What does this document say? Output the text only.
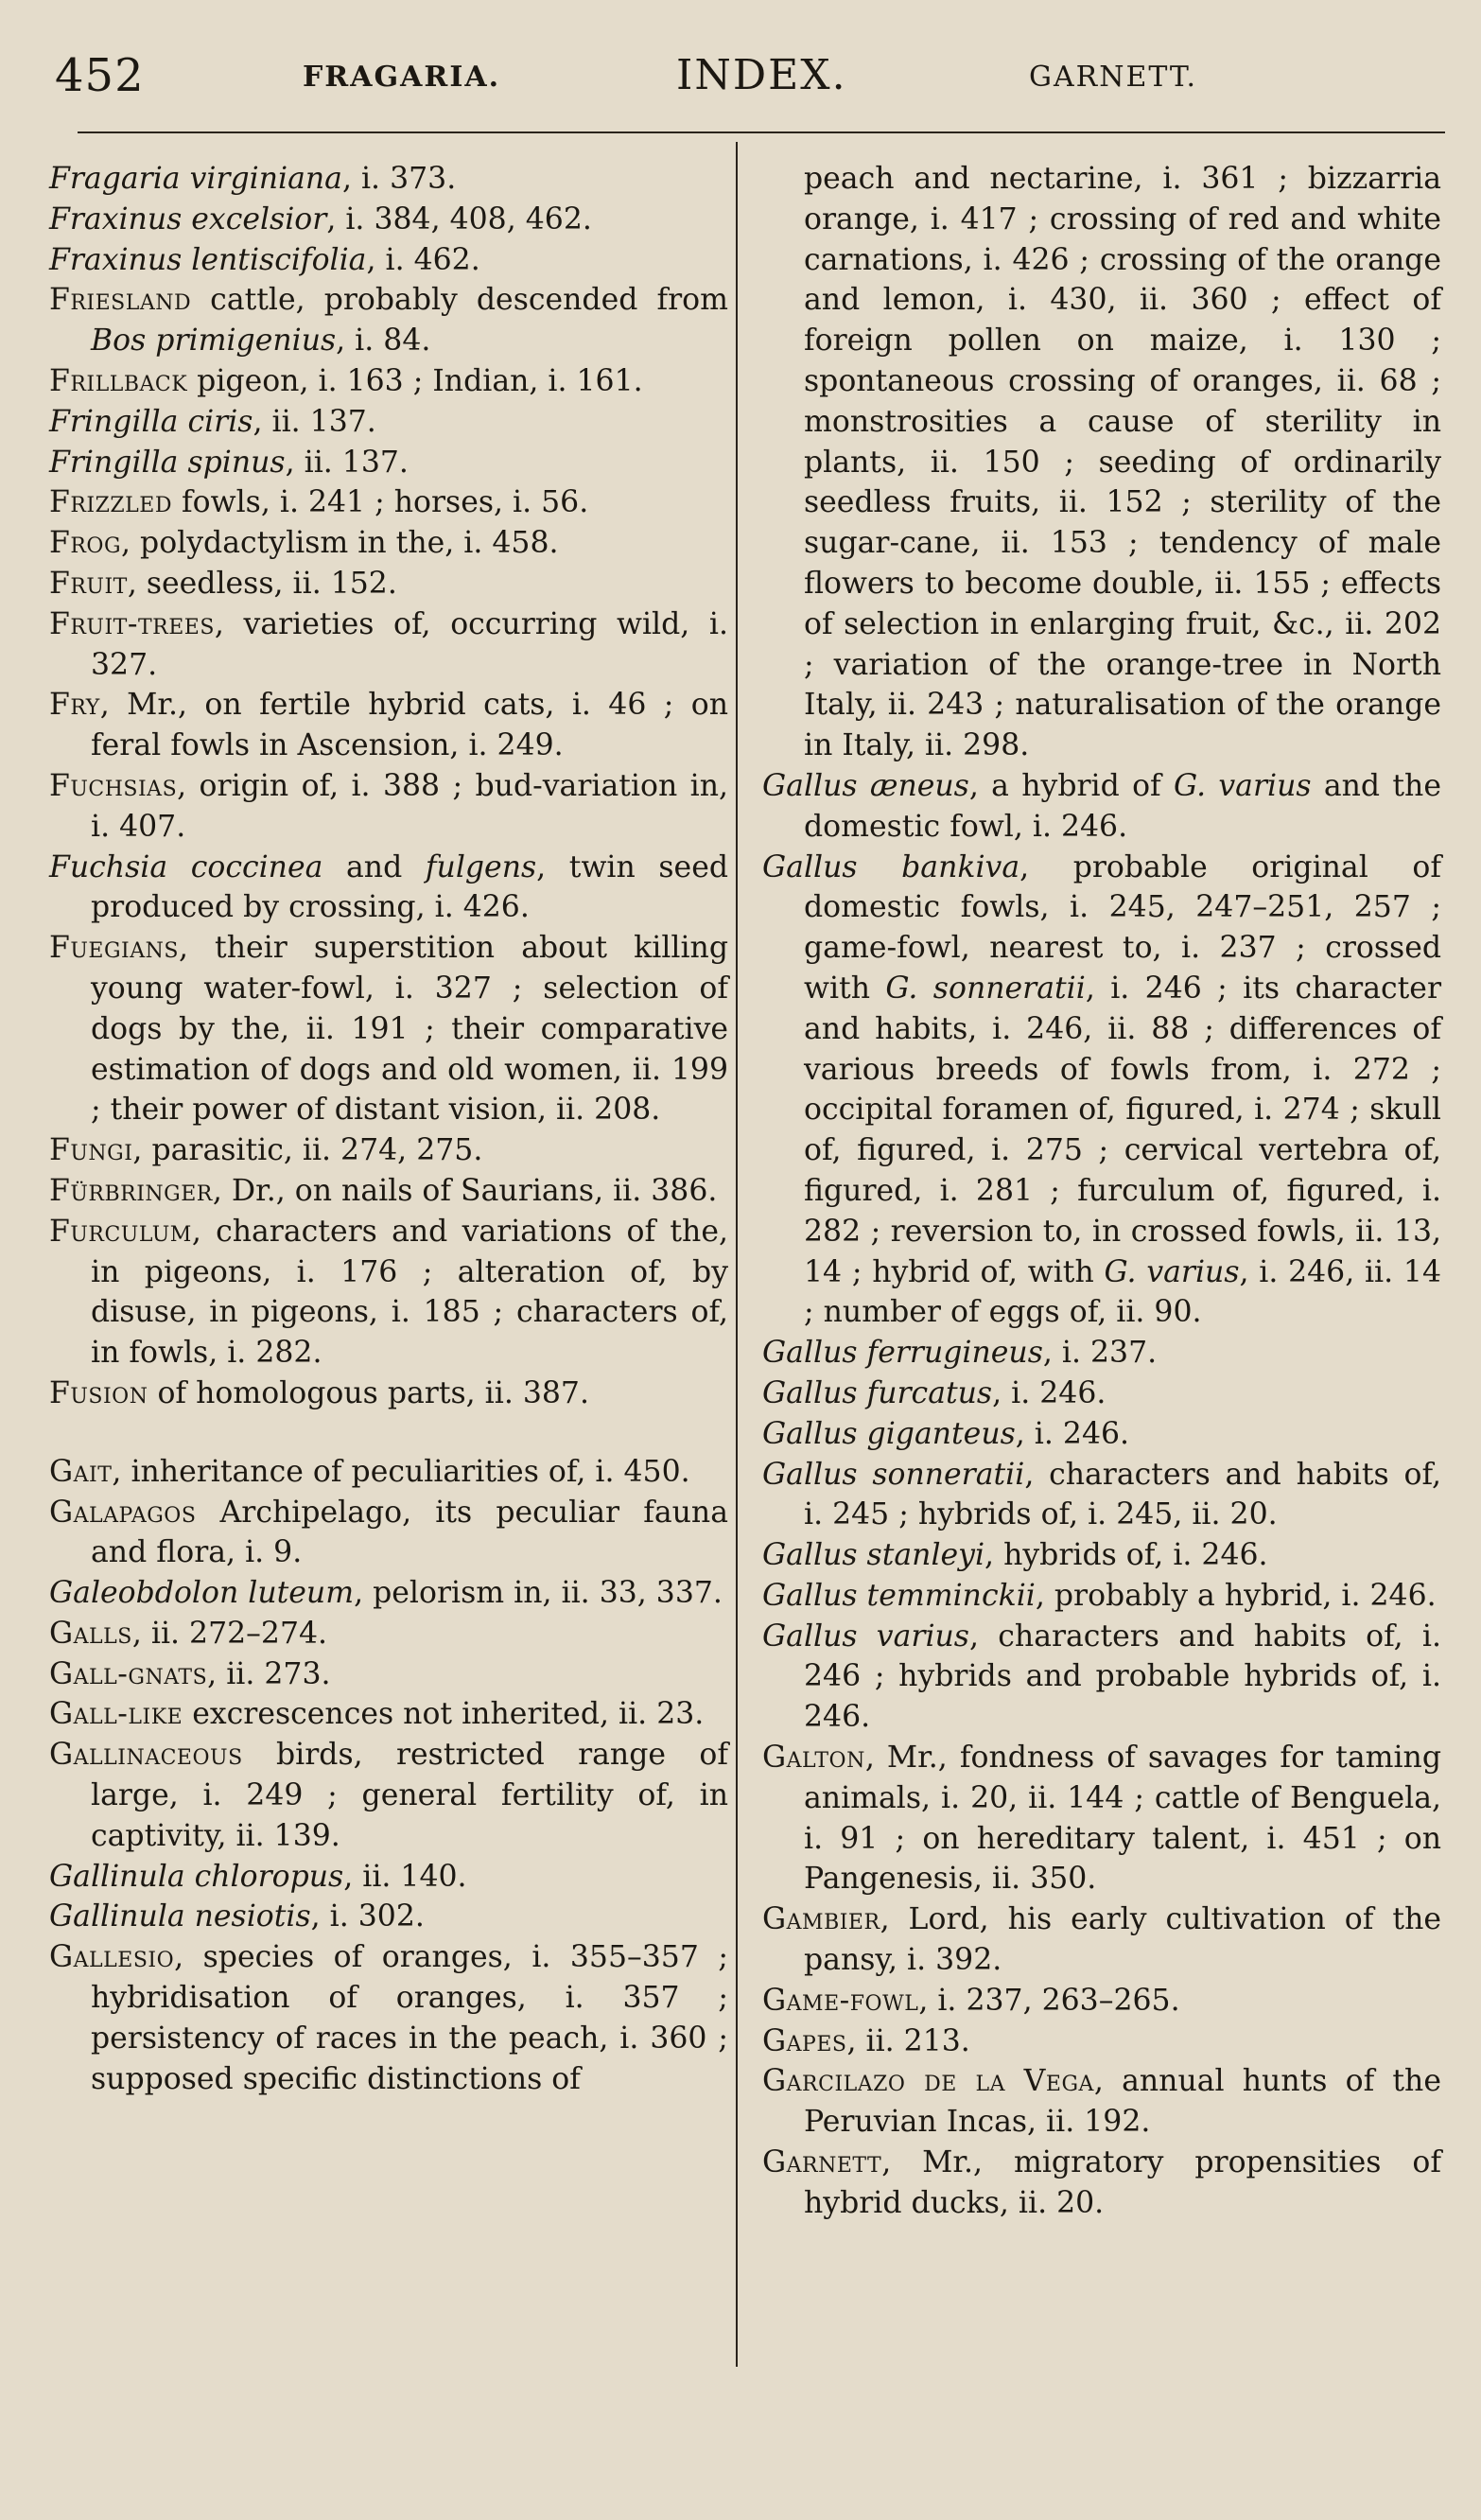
452	FRAGARIA.	INDEX.	GARNETT.
Fragaria virginiana, i. 373.
Fraxinus excelsior, i. 384, 408, 462.
Fraxinus lentiscifolia, i. 462.
Friesland cattle, probably descended from Bos primigenius, i. 84.
Frillback pigeon, i. 163 ; Indian, i. 161.
Fringilla ciris, ii. 137.
Fringilla spinus, ii. 137.
Frizzled fowls, i. 241 ; horses, i. 56.
Frog, polydactylism in the, i. 458.
Fruit, seedless, ii. 152.
Fruit-trees, varieties of, occurring wild, i. 327.
Fry, Mr., on fertile hybrid cats, i. 46 ; on feral fowls in Ascension, i. 249.
Fuchsias, origin of, i. 388 ; bud-variation in, i. 407.
Fuchsia coccinea and fulgens, twin seed produced by crossing, i. 426.
Fuegians, their superstition about killing young water-fowl, i. 327 ; selection of dogs by the, ii. 191 ; their comparative estimation of dogs and old women, ii. 199 ; their power of distant vision, ii. 208.
Fungi, parasitic, ii. 274, 275.
Fürbringer, Dr., on nails of Saurians, ii. 386.
Furculum, characters and variations of the, in pigeons, i. 176 ; alteration of, by disuse, in pigeons, i. 185 ; characters of, in fowls, i. 282.
Fusion of homologous parts, ii. 387.
Gait, inheritance of peculiarities of, i. 450.
Galapagos Archipelago, its peculiar fauna and flora, i. 9.
Galeobdolon luteum, pelorism in, ii. 33, 337.
Galls, ii. 272–274.
Gall-gnats, ii. 273.
Gall-like excrescences not inherited, ii. 23.
Gallinaceous birds, restricted range of large, i. 249 ; general fertility of, in captivity, ii. 139.
Gallinula chloropus, ii. 140.
Gallinula nesiotis, i. 302.
Gallesio, species of oranges, i. 355–357 ; hybridisation of oranges, i. 357 ; persistency of races in the peach, i. 360 ; supposed specific distinctions of
peach and nectarine, i. 361 ; bizzarria orange, i. 417 ; crossing of red and white carnations, i. 426 ; crossing of the orange and lemon, i. 430, ii. 360 ; effect of foreign pollen on maize, i. 130 ; spontaneous crossing of oranges, ii. 68 ; monstrosities a cause of sterility in plants, ii. 150 ; seeding of ordinarily seedless fruits, ii. 152 ; sterility of the sugar-cane, ii. 153 ; tendency of male flowers to become double, ii. 155 ; effects of selection in enlarging fruit, &c., ii. 202 ; variation of the orange-tree in North Italy, ii. 243 ; naturalisation of the orange in Italy, ii. 298.
Gallus æneus, a hybrid of G. varius and the domestic fowl, i. 246.
Gallus bankiva, probable original of domestic fowls, i. 245, 247–251, 257 ; game-fowl, nearest to, i. 237 ; crossed with G. sonneratii, i. 246 ; its character and habits, i. 246, ii. 88 ; differences of various breeds of fowls from, i. 272 ; occipital foramen of, figured, i. 274 ; skull of, figured, i. 275 ; cervical vertebra of, figured, i. 281 ; furculum of, figured, i. 282 ; reversion to, in crossed fowls, ii. 13, 14 ; hybrid of, with G. varius, i. 246, ii. 14 ; number of eggs of, ii. 90.
Gallus ferrugineus, i. 237.
Gallus furcatus, i. 246.
Gallus giganteus, i. 246.
Gallus sonneratii, characters and habits of, i. 245 ; hybrids of, i. 245, ii. 20.
Gallus stanleyi, hybrids of, i. 246.
Gallus temminckii, probably a hybrid, i. 246.
Gallus varius, characters and habits of, i. 246 ; hybrids and probable hybrids of, i. 246.
Galton, Mr., fondness of savages for taming animals, i. 20, ii. 144 ; cattle of Benguela, i. 91 ; on hereditary talent, i. 451 ; on Pangenesis, ii. 350.
Gambier, Lord, his early cultivation of the pansy, i. 392.
Game-fowl, i. 237, 263–265.
Gapes, ii. 213.
Garcilazo de la Vega, annual hunts of the Peruvian Incas, ii. 192.
Garnett, Mr., migratory propensities of hybrid ducks, ii. 20.
